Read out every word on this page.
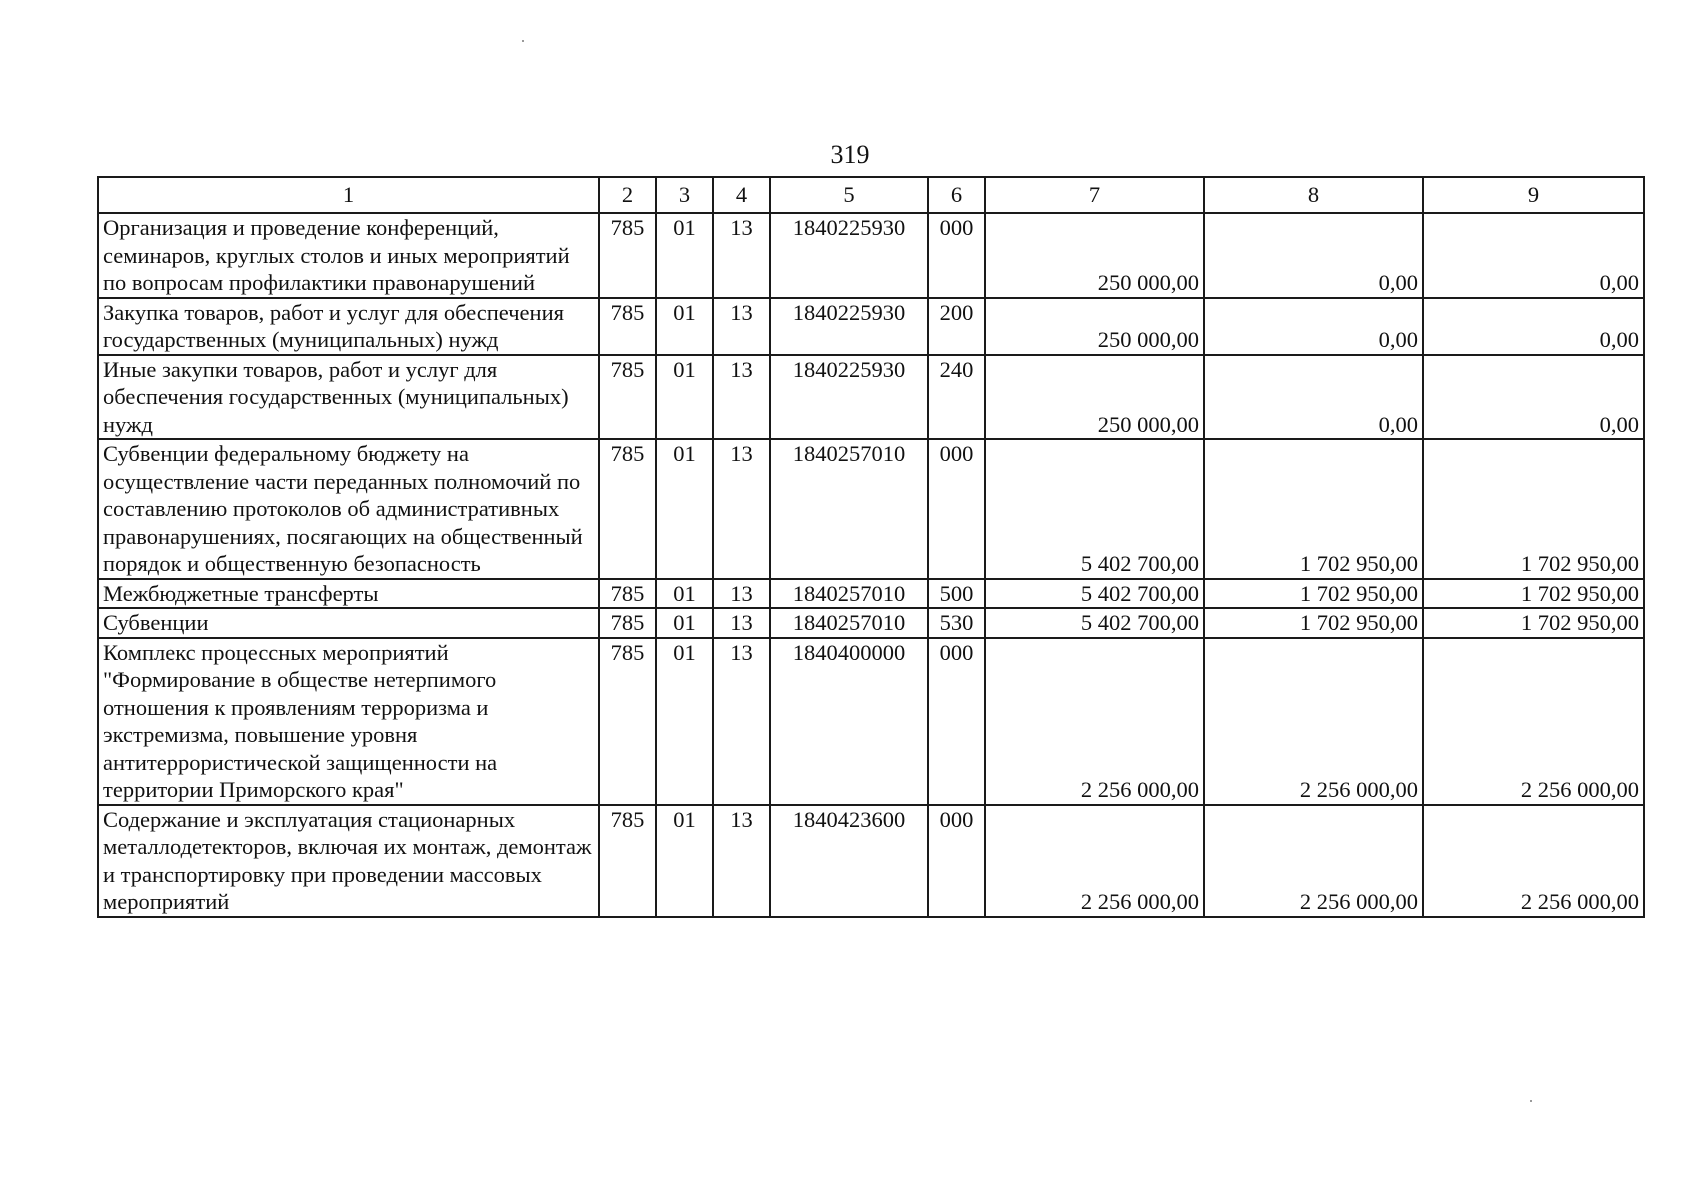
319
1	2	3	4	5	6	7	8	9
Организация и проведение конференций, семинаров, круглых столов и иных мероприятий по вопросам профилактики правонарушений	785	01	13	1840225930	000	250 000,00	0,00	0,00
Закупка товаров, работ и услуг для обеспечения государственных (муниципальных) нужд	785	01	13	1840225930	200	250 000,00	0,00	0,00
Иные закупки товаров, работ и услуг для обеспечения государственных (муниципальных) нужд	785	01	13	1840225930	240	250 000,00	0,00	0,00
Субвенции федеральному бюджету на осуществление части переданных полномочий по составлению протоколов об административных правонарушениях, посягающих на общественный порядок и общественную безопасность	785	01	13	1840257010	000	5 402 700,00	1 702 950,00	1 702 950,00
Межбюджетные трансферты	785	01	13	1840257010	500	5 402 700,00	1 702 950,00	1 702 950,00
Субвенции	785	01	13	1840257010	530	5 402 700,00	1 702 950,00	1 702 950,00
Комплекс процессных мероприятий "Формирование в обществе нетерпимого отношения к проявлениям терроризма и экстремизма, повышение уровня антитеррористической защищенности на территории Приморского края"	785	01	13	1840400000	000	2 256 000,00	2 256 000,00	2 256 000,00
Содержание и эксплуатация стационарных металлодетекторов, включая их монтаж, демонтаж и транспортировку при проведении массовых мероприятий	785	01	13	1840423600	000	2 256 000,00	2 256 000,00	2 256 000,00
